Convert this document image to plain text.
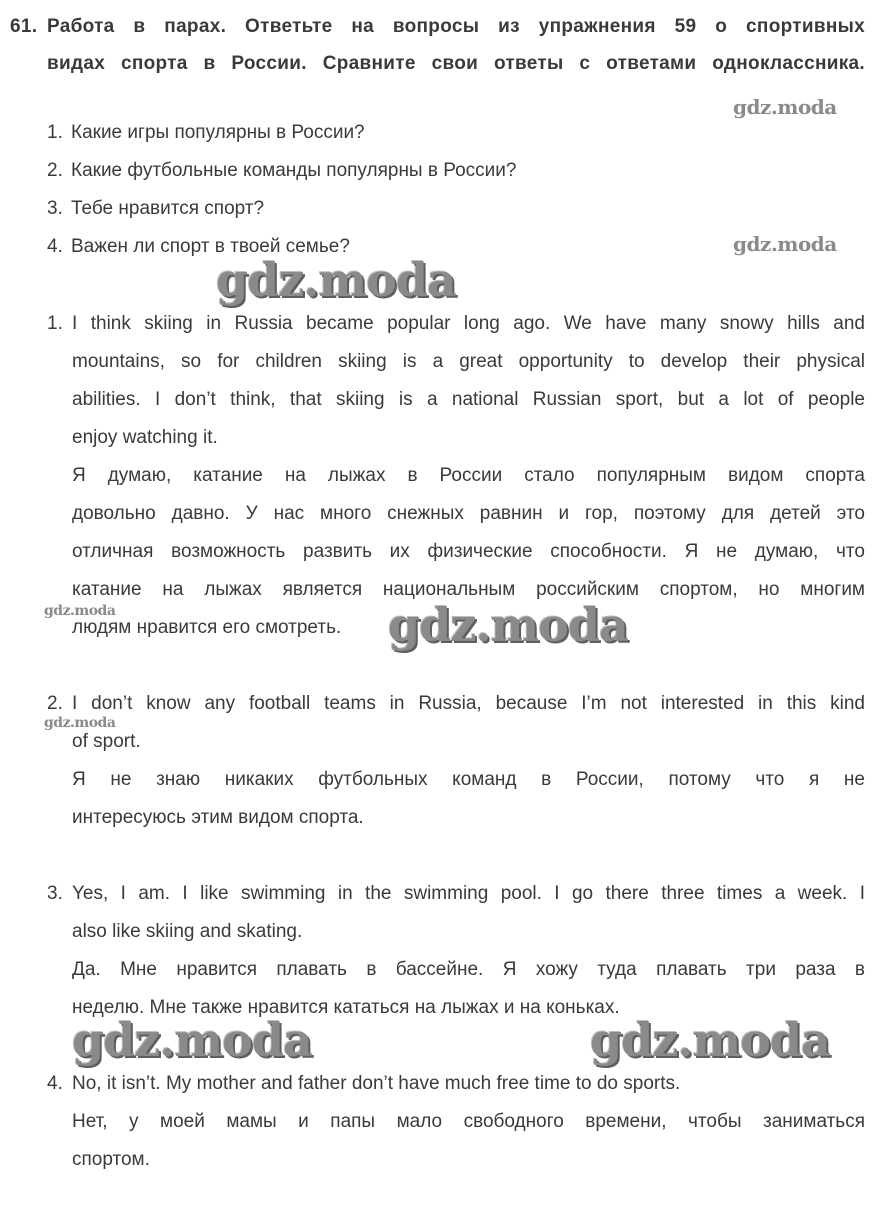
61. Работа в парах. Ответьте на вопросы из упражнения 59 о спортивных
видах спорта в России. Сравните свои ответы с ответами одноклассника.
1. Какие игры популярны в России?
2. Какие футбольные команды популярны в России?
3. Тебе нравится спорт?
4. Важен ли спорт в твоей семье?
1. I think skiing in Russia became popular long ago. We have many snowy hills and
mountains, so for children skiing is a great opportunity to develop their physical
abilities. I don’t think, that skiing is a national Russian sport, but a lot of people
enjoy watching it.
Я думаю, катание на лыжах в России стало популярным видом спорта
довольно давно. У нас много снежных равнин и гор, поэтому для детей это
отличная возможность развить их физические способности. Я не думаю, что
катание на лыжах является национальным российским спортом, но многим
людям нравится его смотреть.
2. I don’t know any football teams in Russia, because I’m not interested in this kind
of sport.
Я не знаю никаких футбольных команд в России, потому что я не
интересуюсь этим видом спорта.
3. Yes, I am. I like swimming in the swimming pool. I go there three times a week. I
also like skiing and skating.
Да. Мне нравится плавать в бассейне. Я хожу туда плавать три раза в
неделю. Мне также нравится кататься на лыжах и на коньках.
4. No, it isn’t. My mother and father don’t have much free time to do sports.
Нет, у моей мамы и папы мало свободного времени, чтобы заниматься
спортом.
gdz.moda
gdz.moda
gdz.moda
gdz.moda	gdz.moda
gdz.moda
gdz.moda	gdz.moda
